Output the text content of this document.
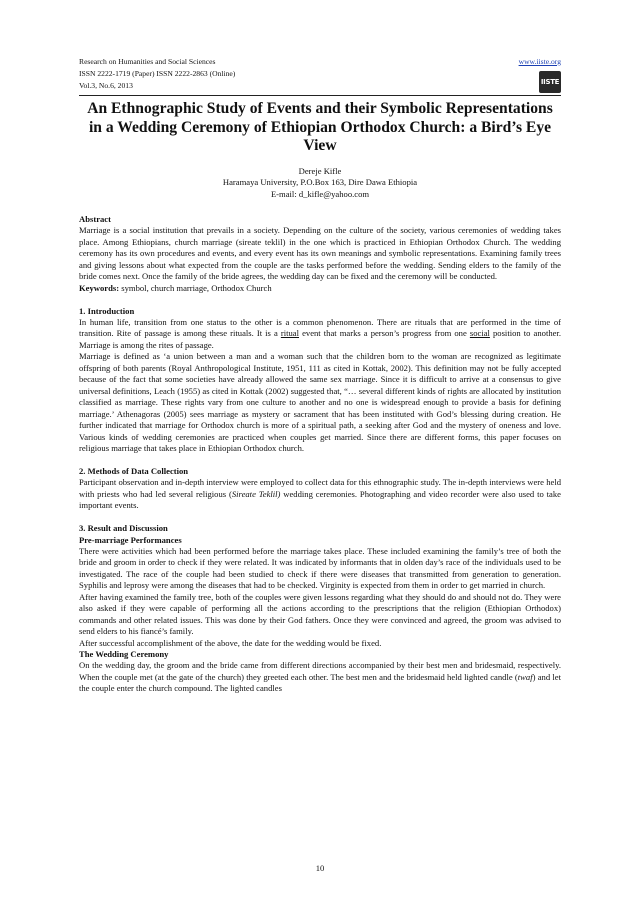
Research on Humanities and Social Sciences	www.iiste.org
ISSN 2222-1719 (Paper) ISSN 2222-2863 (Online)
Vol.3, No.6, 2013	IISTE
An Ethnographic Study of Events and their Symbolic Representations in a Wedding Ceremony of Ethiopian Orthodox Church: a Bird’s Eye View
Dereje Kifle
Haramaya University, P.O.Box 163, Dire Dawa Ethiopia
E-mail: d_kifle@yahoo.com

Abstract

Marriage is a social institution that prevails in a society. Depending on the culture of the society, various ceremonies of wedding takes place. Among Ethiopians, church marriage (sireate teklil) in the one which is practiced in Ethiopian Orthodox Church. The wedding ceremony has its own procedures and events, and every event has its own meanings and symbolic representations. Examining family trees and giving lessons about what expected from the couple are the tasks performed before the wedding. Sending elders to the family of the bride comes next. Once the family of the bride agrees, the wedding day can be fixed and the ceremony will be conducted.

Keywords: symbol, church marriage, Orthodox Church

1. Introduction

In human life, transition from one status to the other is a common phenomenon. There are rituals that are performed in the time of transition. Rite of passage is among these rituals. It is a ritual event that marks a person’s progress from one social position to another. Marriage is among the rites of passage.

Marriage is defined as ‘a union between a man and a woman such that the children born to the woman are recognized as legitimate offspring of both parents (Royal Anthropological Institute, 1951, 111 as cited in Kottak, 2002). This definition may not be fully accepted because of the fact that some societies have already allowed the same sex marriage. Since it is difficult to arrive at a consensus to give universal definitions, Leach (1955) as cited in Kottak (2002) suggested that, “… several different kinds of rights are allocated by institution classified as marriage. These rights vary from one culture to another and no one is widespread enough to provide a basis for defining marriage.’ Athenagoras (2005) sees marriage as mystery or sacrament that has been instituted with God’s blessing during creation. He further indicated that marriage for Orthodox church is more of a spiritual path, a seeking after God and the mystery of oneness and love. Various kinds of wedding ceremonies are practiced when couples get married. Since there are different forms, this paper focuses on religious marriage that takes place in Ethiopian Orthodox church.

2. Methods of Data Collection

Participant observation and in-depth interview were employed to collect data for this ethnographic study. The in-depth interviews were held with priests who had led several religious (Sireate Teklil) wedding ceremonies. Photographing and video recorder were also used to take important events.

3. Result and Discussion

Pre-marriage Performances

There were activities which had been performed before the marriage takes place. These included examining the family’s tree of both the bride and groom in order to check if they were related. It was indicated by informants that in olden day’s race of the individuals used to be investigated. The race of the couple had been studied to check if there were diseases that transmitted from generation to generation. Syphilis and leprosy were among the diseases that had to be checked. Virginity is expected from them in order to get married in church.

After having examined the family tree, both of the couples were given lessons regarding what they should do and should not do. They were also asked if they were capable of performing all the actions according to the prescriptions that the religion (Ethiopian Orthodox) commands and other related issues. This was done by their God fathers. Once they were convinced and agreed, the groom was advised to send elders to his fiancé’s family.

After successful accomplishment of the above, the date for the wedding would be fixed.

The Wedding Ceremony

On the wedding day, the groom and the bride came from different directions accompanied by their best men and bridesmaid, respectively. When the couple met (at the gate of the church) they greeted each other. The best men and the bridesmaid held lighted candle (twaf) and let the couple enter the church compound. The lighted candles

10
